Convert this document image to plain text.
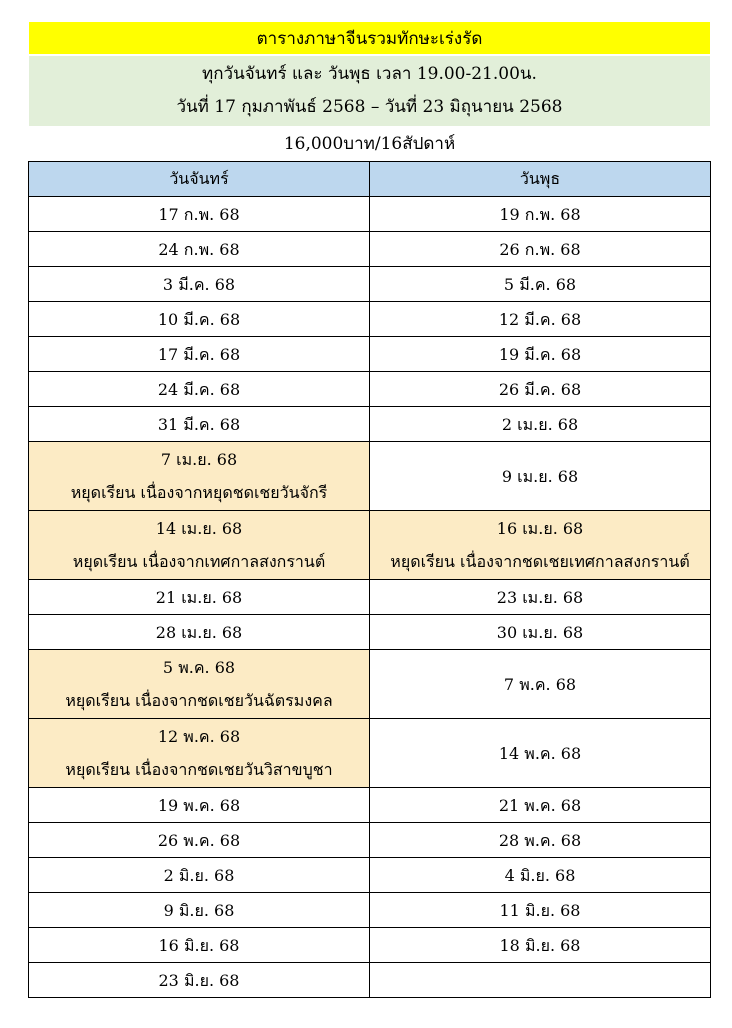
ตารางภาษาจีนรวมทักษะเร่งรัด
ทุกวันจันทร์ และ วันพุธ เวลา 19.00-21.00น.
วันที่ 17 กุมภาพันธ์ 2568 – วันที่ 23 มิถุนายน 2568
16,000บาท/16สัปดาห์
วันจันทร์	วันพุธ

17 ก.พ. 68	19 ก.พ. 68

24 ก.พ. 68	26 ก.พ. 68

3 มี.ค. 68	5 มี.ค. 68

10 มี.ค. 68	12 มี.ค. 68

17 มี.ค. 68	19 มี.ค. 68

24 มี.ค. 68	26 มี.ค. 68

31 มี.ค. 68	2 เม.ย. 68

7 เม.ย. 68
หยุดเรียน เนื่องจากหยุดชดเชยวันจักรี	9 เม.ย. 68

14 เม.ย. 68
หยุดเรียน เนื่องจากเทศกาลสงกรานต์	16 เม.ย. 68
หยุดเรียน เนื่องจากชดเชยเทศกาลสงกรานต์

21 เม.ย. 68	23 เม.ย. 68

28 เม.ย. 68	30 เม.ย. 68

5 พ.ค. 68
หยุดเรียน เนื่องจากชดเชยวันฉัตรมงคล	7 พ.ค. 68

12 พ.ค. 68
หยุดเรียน เนื่องจากชดเชยวันวิสาขบูชา	14 พ.ค. 68

19 พ.ค. 68	21 พ.ค. 68

26 พ.ค. 68	28 พ.ค. 68

2 มิ.ย. 68	4 มิ.ย. 68

9 มิ.ย. 68	11 มิ.ย. 68

16 มิ.ย. 68	18 มิ.ย. 68

23 มิ.ย. 68	
